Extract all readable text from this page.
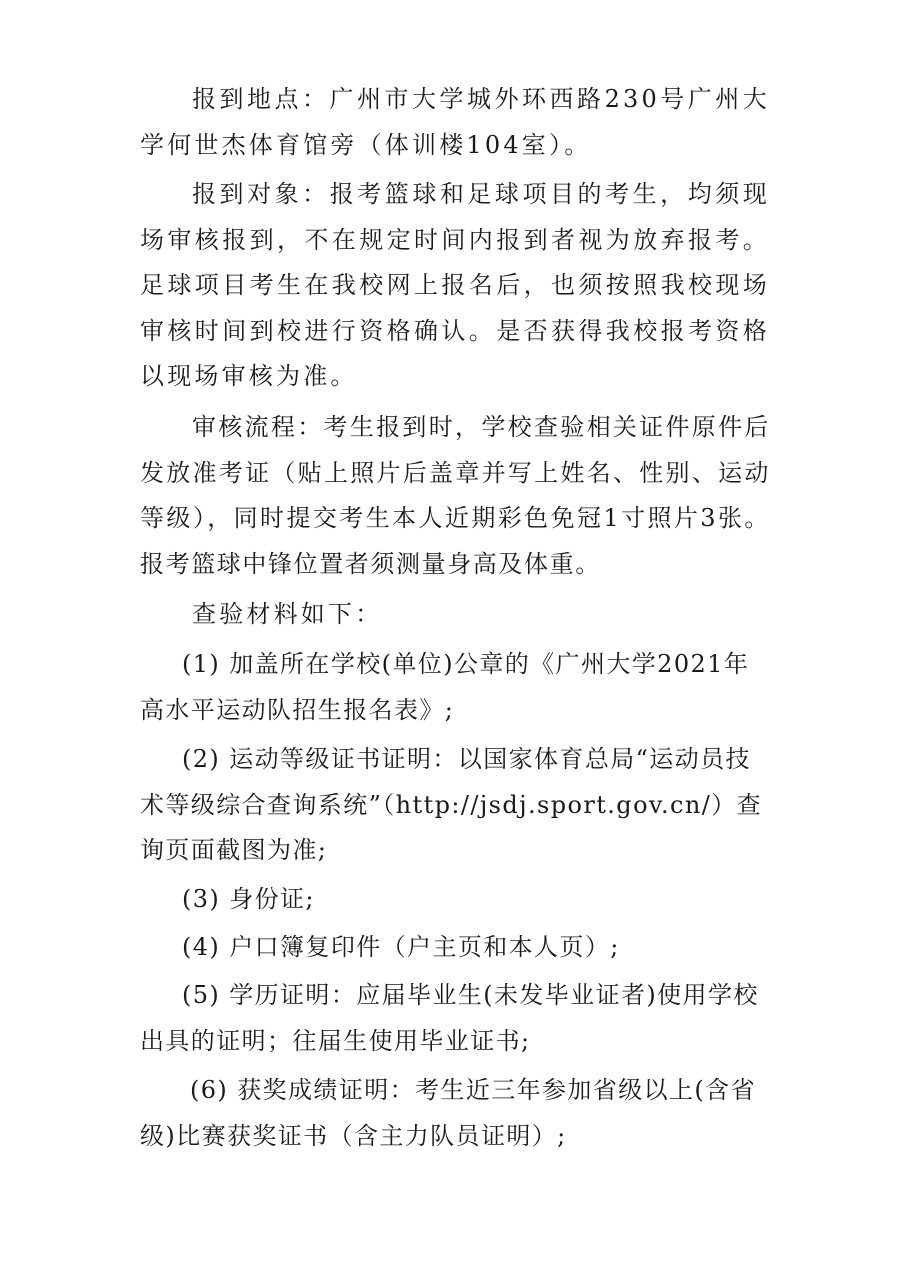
报到地点：广州市大学城外环西路230号广州大学何世杰体育馆旁（体训楼104室）。

报到对象：报考篮球和足球项目的考生，均须现场审核报到，不在规定时间内报到者视为放弃报考。足球项目考生在我校网上报名后，也须按照我校现场审核时间到校进行资格确认。是否获得我校报考资格以现场审核为准。

审核流程：考生报到时，学校查验相关证件原件后发放准考证（贴上照片后盖章并写上姓名、性别、运动等级），同时提交考生本人近期彩色免冠1寸照片3张。报考篮球中锋位置者须测量身高及体重。

查验材料如下：

(1) 加盖所在学校(单位)公章的《广州大学2021年高水平运动队招生报名表》;

(2) 运动等级证书证明：以国家体育总局“运动员技术等级综合查询系统”（http://jsdj.sport.gov.cn/）查询页面截图为准;

(3) 身份证;

(4) 户口簿复印件（户主页和本人页）;

(5) 学历证明：应届毕业生(未发毕业证者)使用学校出具的证明；往届生使用毕业证书;

(6) 获奖成绩证明：考生近三年参加省级以上(含省级)比赛获奖证书（含主力队员证明）;
